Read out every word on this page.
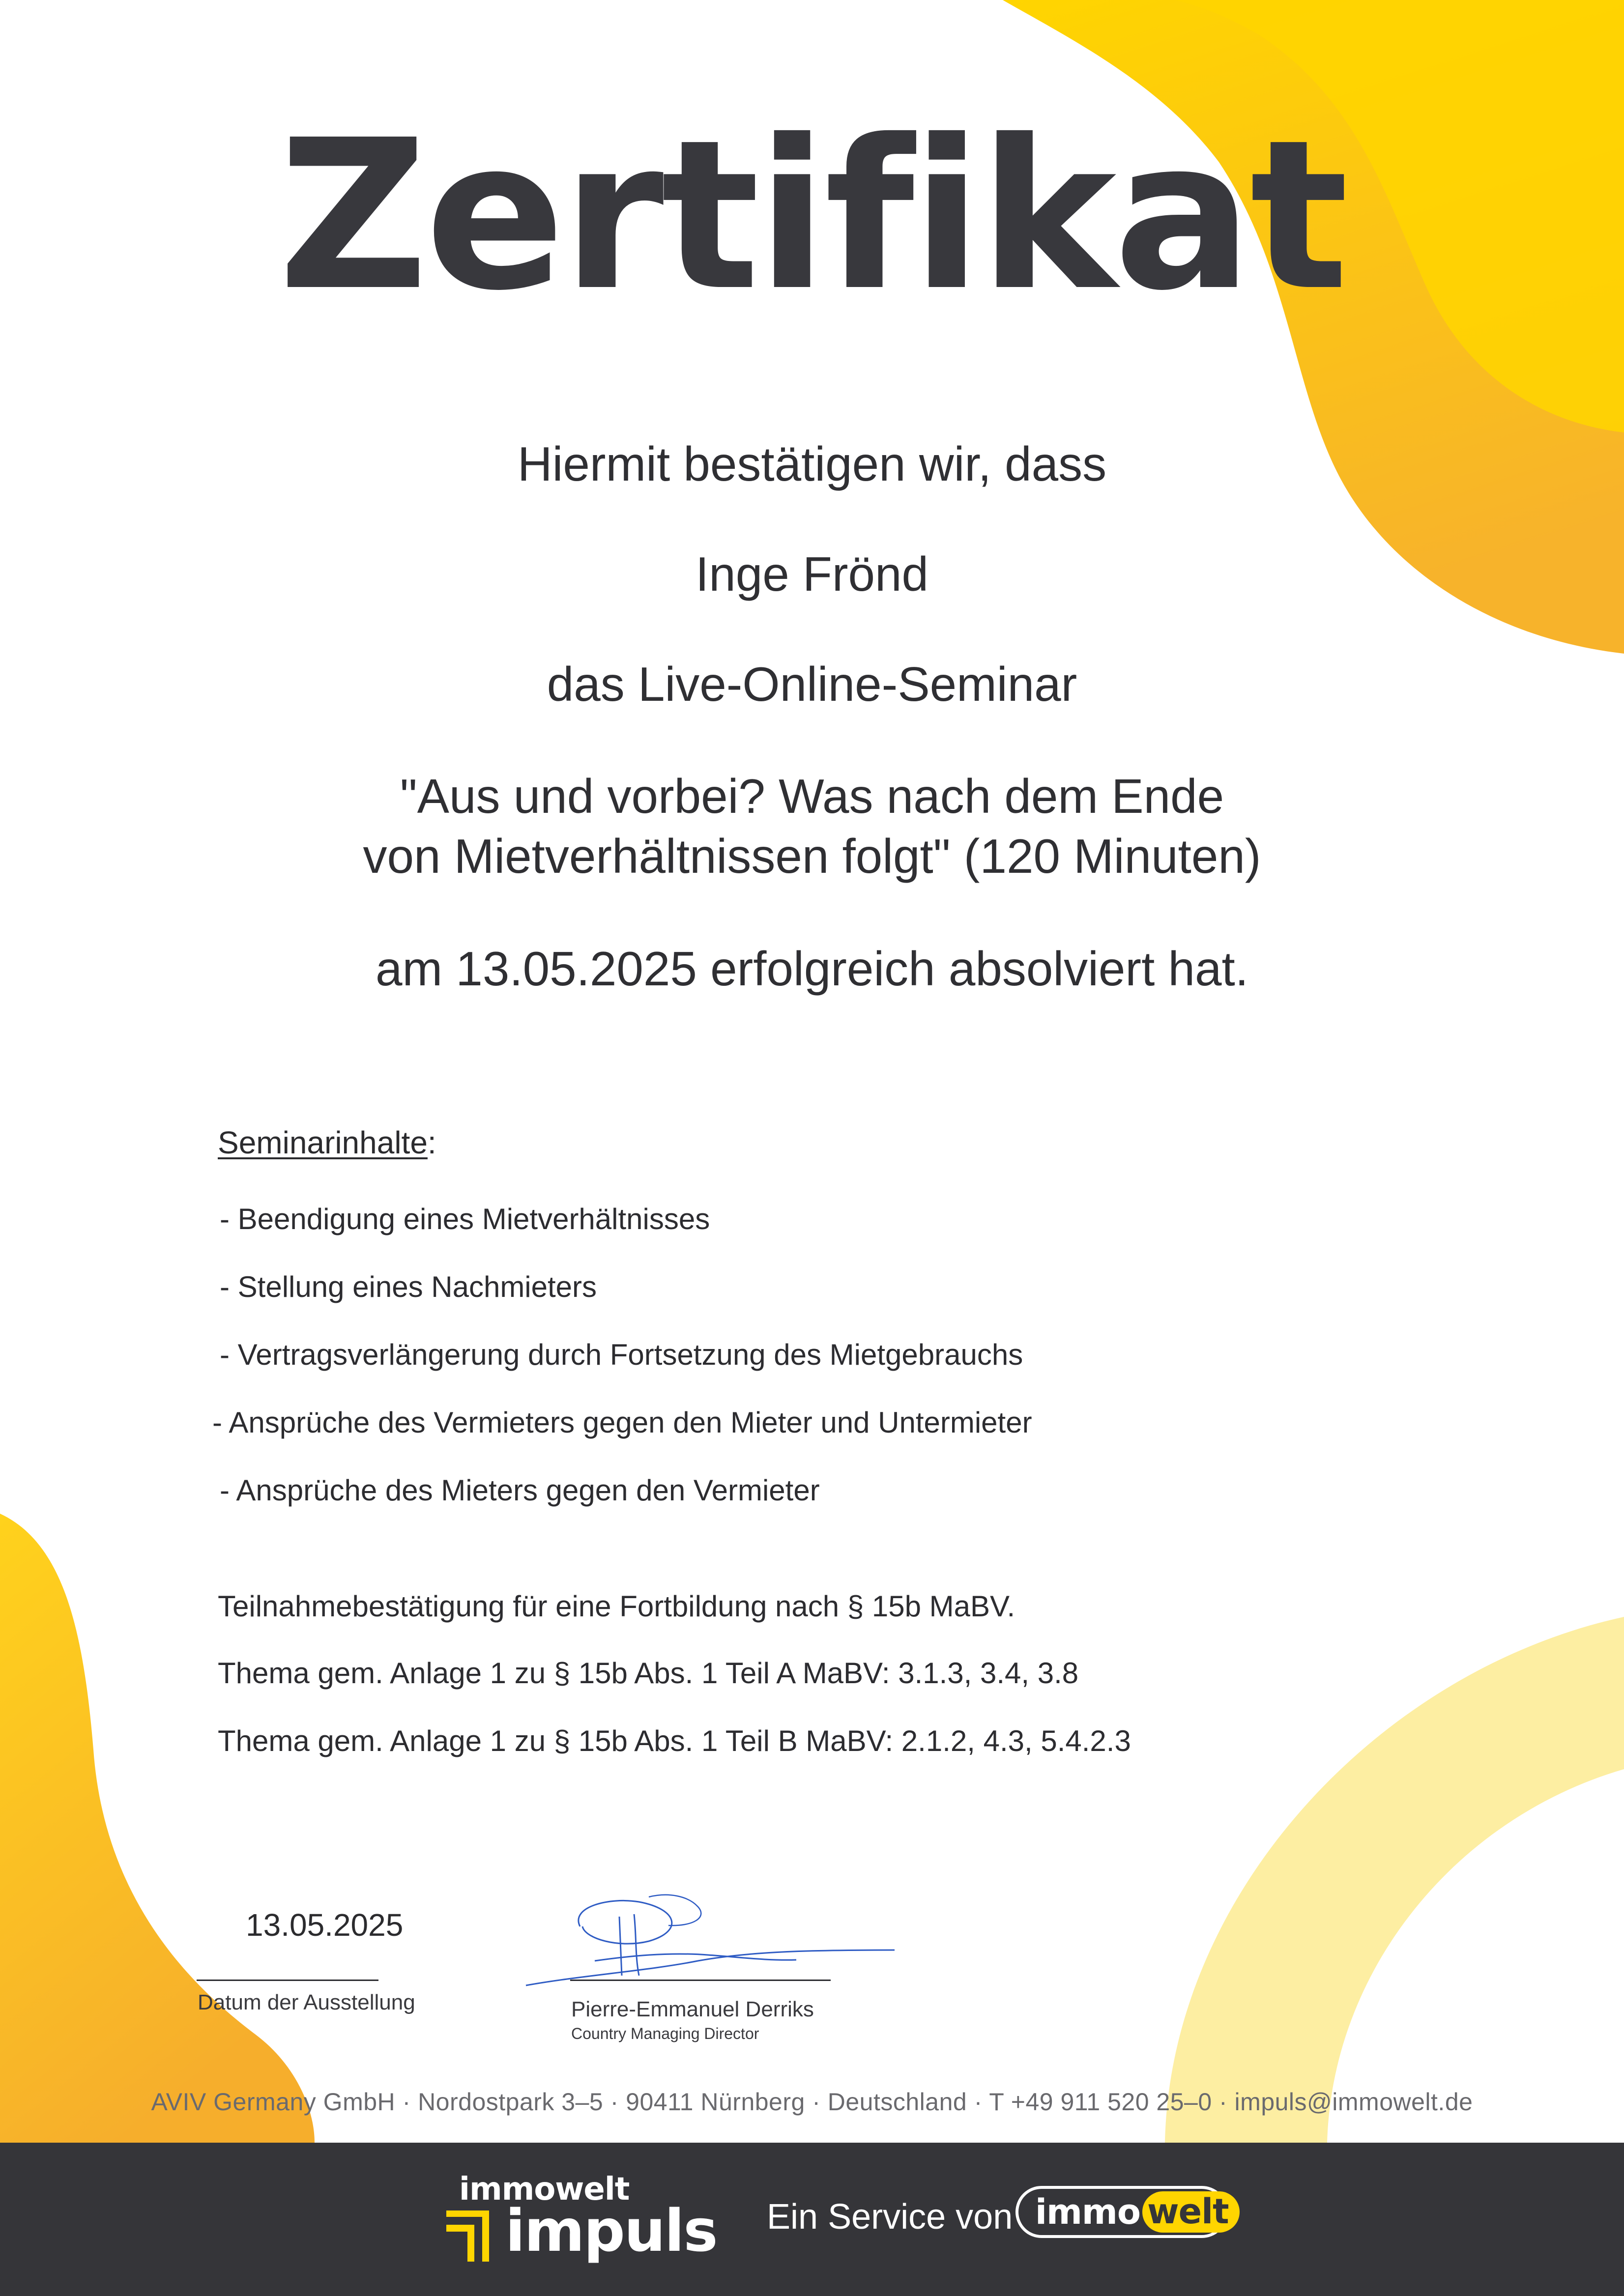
Zertifikat
Hiermit bestätigen wir, dass
Inge Frönd
das Live-Online-Seminar
"Aus und vorbei? Was nach dem Ende
von Mietverhältnissen folgt" (120 Minuten)
am 13.05.2025 erfolgreich absolviert hat.
Seminarinhalte:
- Beendigung eines Mietverhältnisses
- Stellung eines Nachmieters
- Vertragsverlängerung durch Fortsetzung des Mietgebrauchs
- Ansprüche des Vermieters gegen den Mieter und Untermieter
- Ansprüche des Mieters gegen den Vermieter
Teilnahmebestätigung für eine Fortbildung nach § 15b MaBV.
Thema gem. Anlage 1 zu § 15b Abs. 1 Teil A MaBV: 3.1.3, 3.4, 3.8
Thema gem. Anlage 1 zu § 15b Abs. 1 Teil B MaBV: 2.1.2, 4.3, 5.4.2.3
13.05.2025
Datum der Ausstellung	Pierre-Emmanuel Derriks
Country Managing Director
AVIV Germany GmbH · Nordostpark 3–5 · 90411 Nürnberg · Deutschland · T +49 911 520 25–0 · impuls@immowelt.de
immowelt
impuls Ein Service von immo welt
